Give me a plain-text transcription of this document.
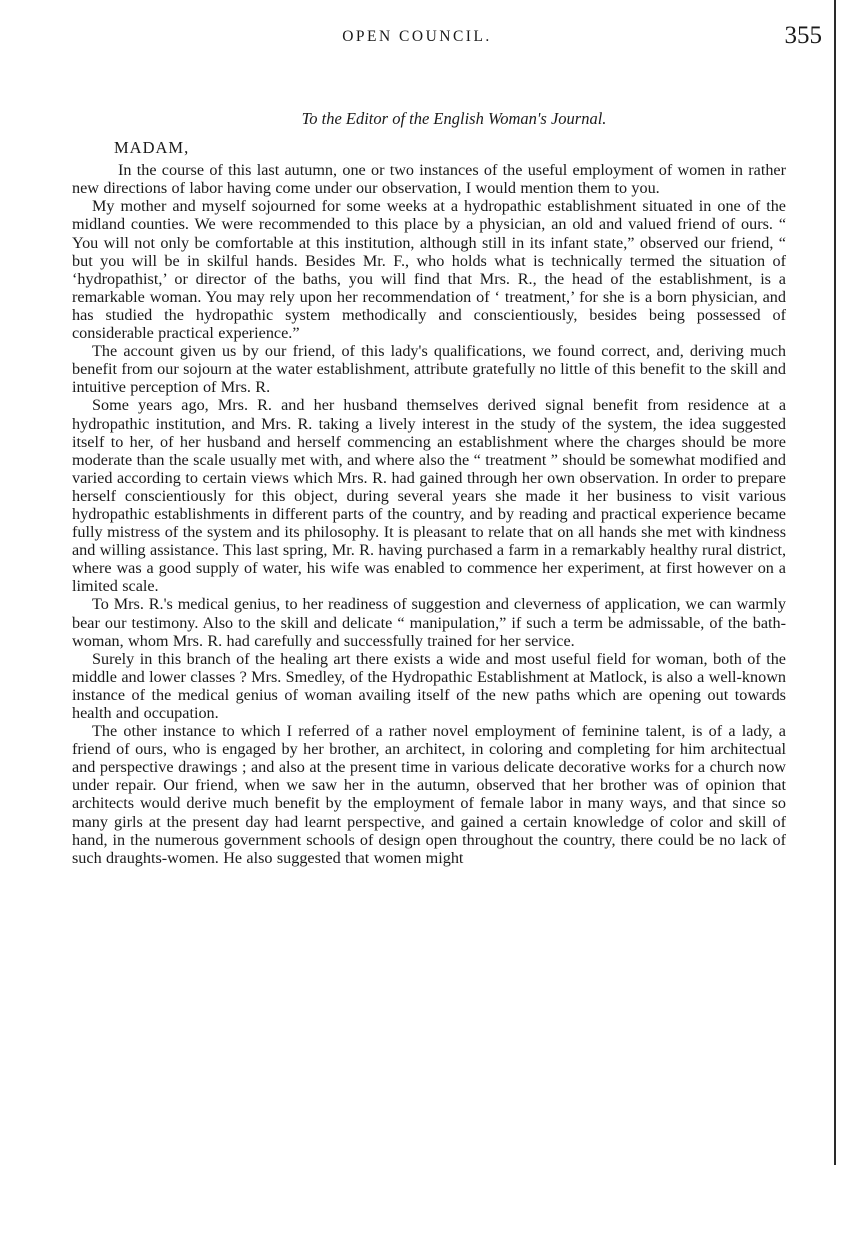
OPEN COUNCIL.	355
To the Editor of the English Woman's Journal.
MADAM,

In the course of this last autumn, one or two instances of the useful employment of women in rather new directions of labor having come under our observation, I would mention them to you.

My mother and myself sojourned for some weeks at a hydropathic establishment situated in one of the midland counties. We were recommended to this place by a physician, an old and valued friend of ours. “ You will not only be comfortable at this institution, although still in its infant state,” observed our friend, “ but you will be in skilful hands. Besides Mr. F., who holds what is technically termed the situation of ‘hydropathist,’ or director of the baths, you will find that Mrs. R., the head of the establishment, is a remarkable woman. You may rely upon her recommendation of ‘ treatment,’ for she is a born physician, and has studied the hydropathic system methodically and conscientiously, besides being possessed of considerable practical experience.”

The account given us by our friend, of this lady's qualifications, we found correct, and, deriving much benefit from our sojourn at the water establishment, attribute gratefully no little of this benefit to the skill and intuitive perception of Mrs. R.

Some years ago, Mrs. R. and her husband themselves derived signal benefit from residence at a hydropathic institution, and Mrs. R. taking a lively interest in the study of the system, the idea suggested itself to her, of her husband and herself commencing an establishment where the charges should be more moderate than the scale usually met with, and where also the “ treatment ” should be somewhat modified and varied according to certain views which Mrs. R. had gained through her own observation. In order to prepare herself conscientiously for this object, during several years she made it her business to visit various hydropathic establishments in different parts of the country, and by reading and practical experience became fully mistress of the system and its philosophy. It is pleasant to relate that on all hands she met with kindness and willing assistance. This last spring, Mr. R. having purchased a farm in a remarkably healthy rural district, where was a good supply of water, his wife was enabled to commence her experiment, at first however on a limited scale.

To Mrs. R.'s medical genius, to her readiness of suggestion and cleverness of application, we can warmly bear our testimony. Also to the skill and delicate “ manipulation,” if such a term be admissable, of the bath-woman, whom Mrs. R. had carefully and successfully trained for her service.

Surely in this branch of the healing art there exists a wide and most useful field for woman, both of the middle and lower classes ? Mrs. Smedley, of the Hydropathic Establishment at Matlock, is also a well-known instance of the medical genius of woman availing itself of the new paths which are opening out towards health and occupation.

The other instance to which I referred of a rather novel employment of feminine talent, is of a lady, a friend of ours, who is engaged by her brother, an architect, in coloring and completing for him architectual and perspective drawings ; and also at the present time in various delicate decorative works for a church now under repair. Our friend, when we saw her in the autumn, observed that her brother was of opinion that architects would derive much benefit by the employment of female labor in many ways, and that since so many girls at the present day had learnt perspective, and gained a certain knowledge of color and skill of hand, in the numerous government schools of design open throughout the country, there could be no lack of such draughts-women. He also suggested that women might
